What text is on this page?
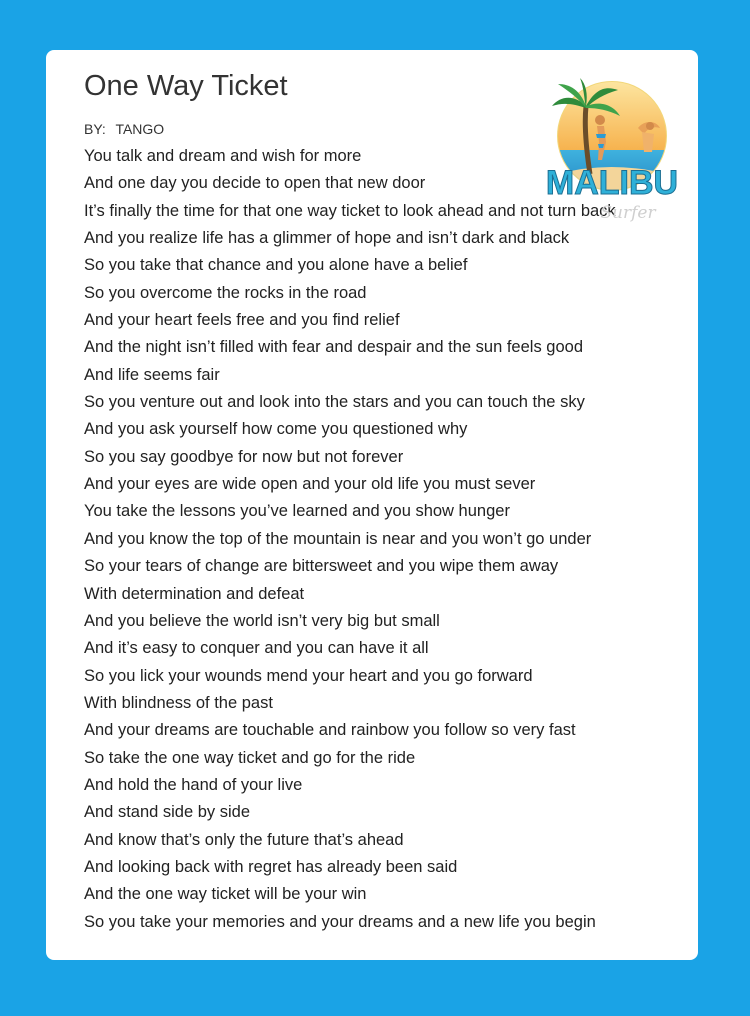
One Way Ticket
BY: TANGO
You talk and dream and wish for more
And one day you decide to open that new door
It’s finally the time for that one way ticket to look ahead and not turn back
And you realize life has a glimmer of hope and isn’t dark and black
So you take that chance and you alone have a belief
So you overcome the rocks in the road
And your heart feels free and you find relief
And the night isn’t filled with fear and despair and the sun feels good
And life seems fair
So you venture out and look into the stars and you can touch the sky
And you ask yourself how come you questioned why
So you say goodbye for now but not forever
And your eyes are wide open and your old life you must sever
You take the lessons you’ve learned and you show hunger
And you know the top of the mountain is near and you won’t go under
So your tears of change are bittersweet and you wipe them away
With determination and defeat
And you believe the world isn’t very big but small
And it’s easy to conquer and you can have it all
So you lick your wounds mend your heart and you go forward
With blindness of the past
And your dreams are touchable and rainbow you follow so very fast
So take the one way ticket and go for the ride
And hold the hand of your live
And stand side by side
And know that’s only the future that’s ahead
And looking back with regret has already been said
And the one way ticket will be your win
So you take your memories and your dreams and a new life you begin
MALIBU
Surfer
